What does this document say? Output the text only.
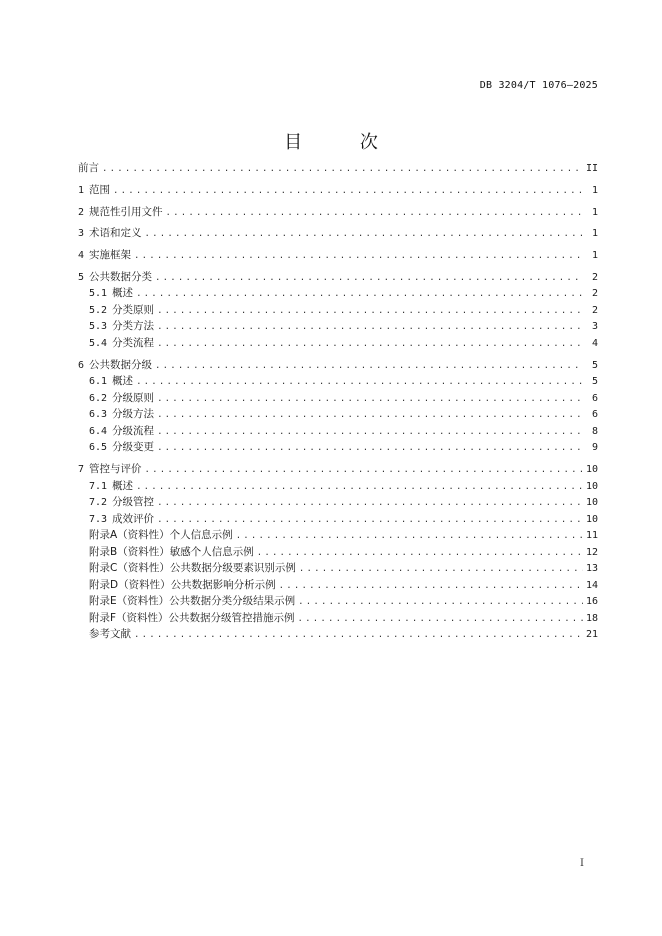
DB 3204/T 1076—2025
目 次
前言 .....	II
1 范围 .....	1
2 规范性引用文件 .....	1
3 术语和定义 .....	1
4 实施框架 .....	1
5 公共数据分类 .....	2
5.1 概述 .....	2
5.2 分类原则 .....	2
5.3 分类方法 .....	3
5.4 分类流程 .....	4
6 公共数据分级 .....	5
6.1 概述 .....	5
6.2 分级原则 .....	6
6.3 分级方法 .....	6
6.4 分级流程 .....	8
6.5 分级变更 .....	9
7 管控与评价 .....	10
7.1 概述 .....	10
7.2 分级管控 .....	10
7.3 成效评价 .....	10
附录A（资料性）个人信息示例 .....	11
附录B（资料性）敏感个人信息示例 .....	12
附录C（资料性）公共数据分级要素识别示例 .....	13
附录D（资料性）公共数据影响分析示例 .....	14
附录E（资料性）公共数据分类分级结果示例 .....	16
附录F（资料性）公共数据分级管控措施示例 .....	18
参考文献 .....	21
I
